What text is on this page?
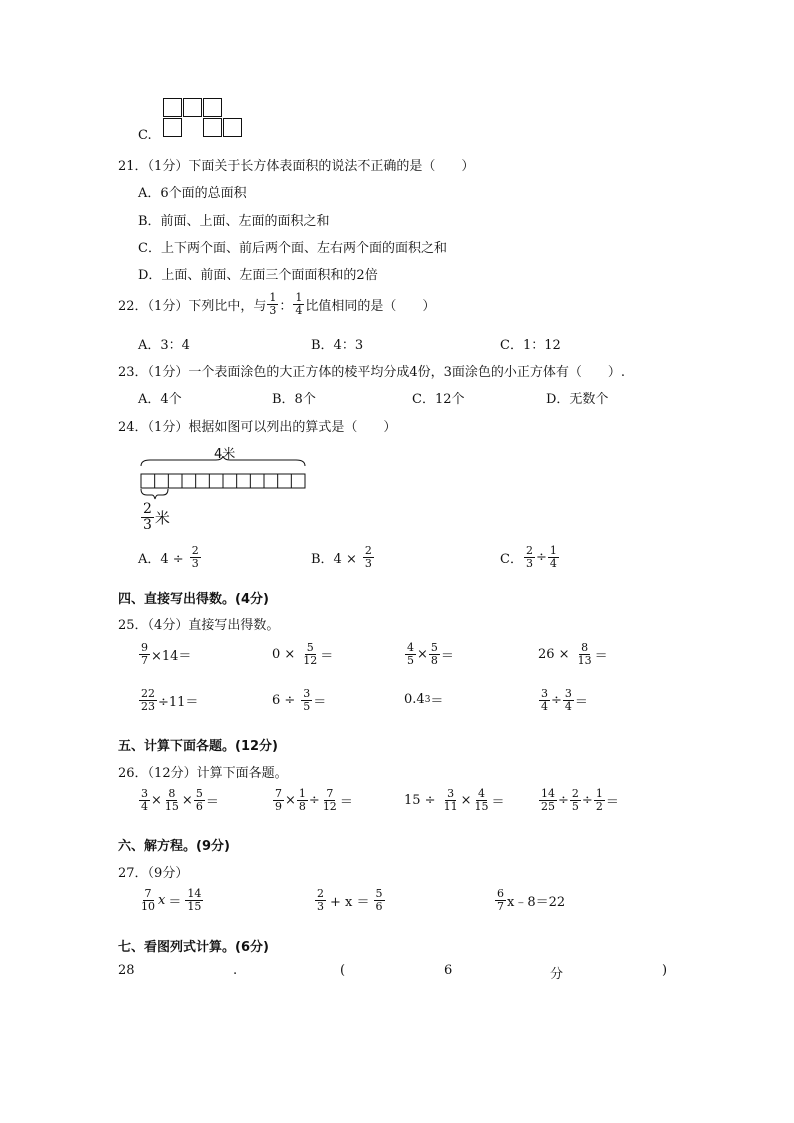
C.
21．（1分）下面关于长方体表面积的说法不正确的是（　　）
A．6个面的总面积
B．前面、上面、左面的面积之和
C．上下两个面、前后两个面、左右两个面的面积之和
D．上面、前面、左面三个面面积和的2倍
22．（1分）下列比中，与 $\frac{1}{3}$ ： $\frac{1}{4}$ 比值相同的是（　　）
A．3：4	B．4：3	C．1：12
23．（1分）一个表面涂色的大正方体的棱平均分成4份，3面涂色的小正方体有（　　）.
A．4个	B．8个	C．12个	D．无数个
24．（1分）根据如图可以列出的算式是（　　）
4米
$\frac{2}{3}$ 米
A．$4 \div \frac{2}{3}$	B．$4 \times \frac{2}{3}$	C． $\frac{2}{3} \div \frac{1}{4}$
四、直接写出得数。(4分)
25．（4分）直接写出得数。
$\frac{9}{7} \times 14=$	$0 \times \frac{5}{12}$ ＝	$\frac{4}{5} \times \frac{5}{8}$ ＝	$26 \times \frac{8}{13}$ ＝
$\frac{22}{23} \div 11=$	$6 \div \frac{3}{5}$ ＝	0.4 3 ＝	$\frac{3}{4} \div \frac{3}{4}$ ＝
五、计算下面各题。(12分)
26．（12分）计算下面各题。
$\frac{3}{4} \times \frac{8}{15} \times \frac{5}{6}$ ＝	$\frac{7}{9} \times \frac{1}{8} \div \frac{7}{12}$ ＝	$15 \div \frac{3}{11} \times \frac{4}{15}$ ＝	$\frac{14}{25} \div \frac{2}{5} \div \frac{1}{2}$ ＝
六、解方程。(9分)
27．（9分）
$\frac{7}{10}$ $x = \frac{14}{15}$	$\frac{2}{3} + x = \frac{5}{6}$	$\frac{6}{7}$ x﹣8＝22
七、看图列式计算。(6分)
28	.	(	6	分	)
